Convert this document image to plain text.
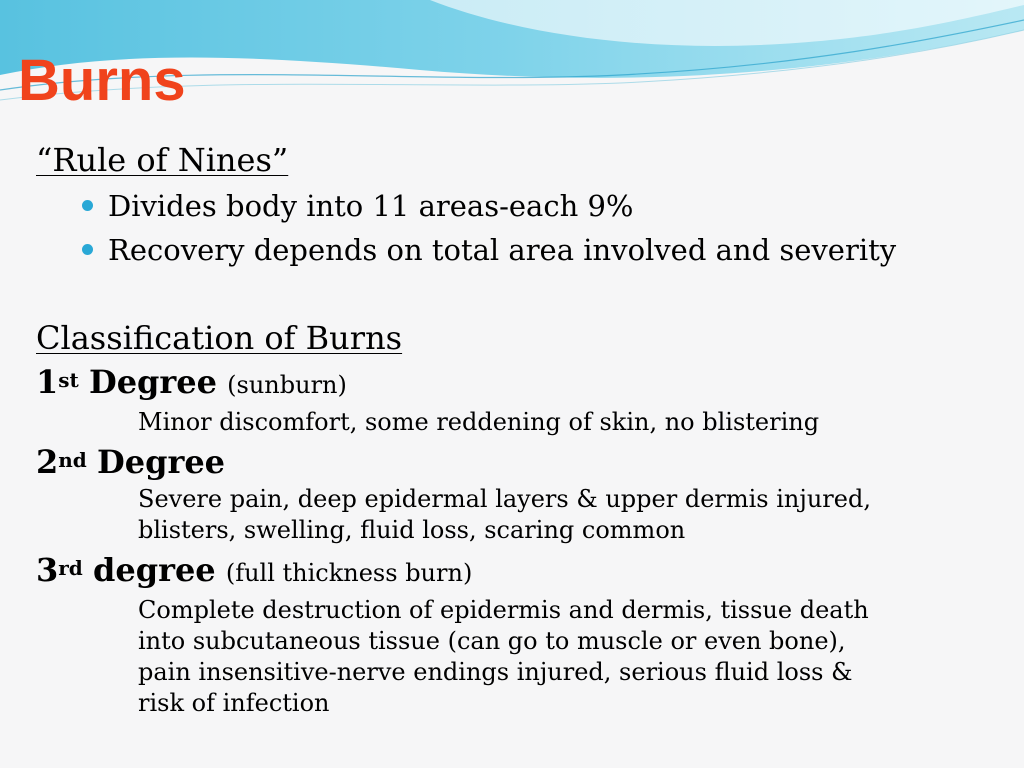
Burns
“Rule of Nines”
Divides body into 11 areas-each 9%
Recovery depends on total area involved and severity
Classification of Burns
1st Degree (sunburn)
Minor discomfort, some reddening of skin, no blistering
2nd Degree
Severe pain, deep epidermal layers & upper dermis injured,
blisters, swelling, fluid loss, scaring common
3rd degree (full thickness burn)
Complete destruction of epidermis and dermis, tissue death
into subcutaneous tissue (can go to muscle or even bone),
pain insensitive-nerve endings injured, serious fluid loss &
risk of infection
